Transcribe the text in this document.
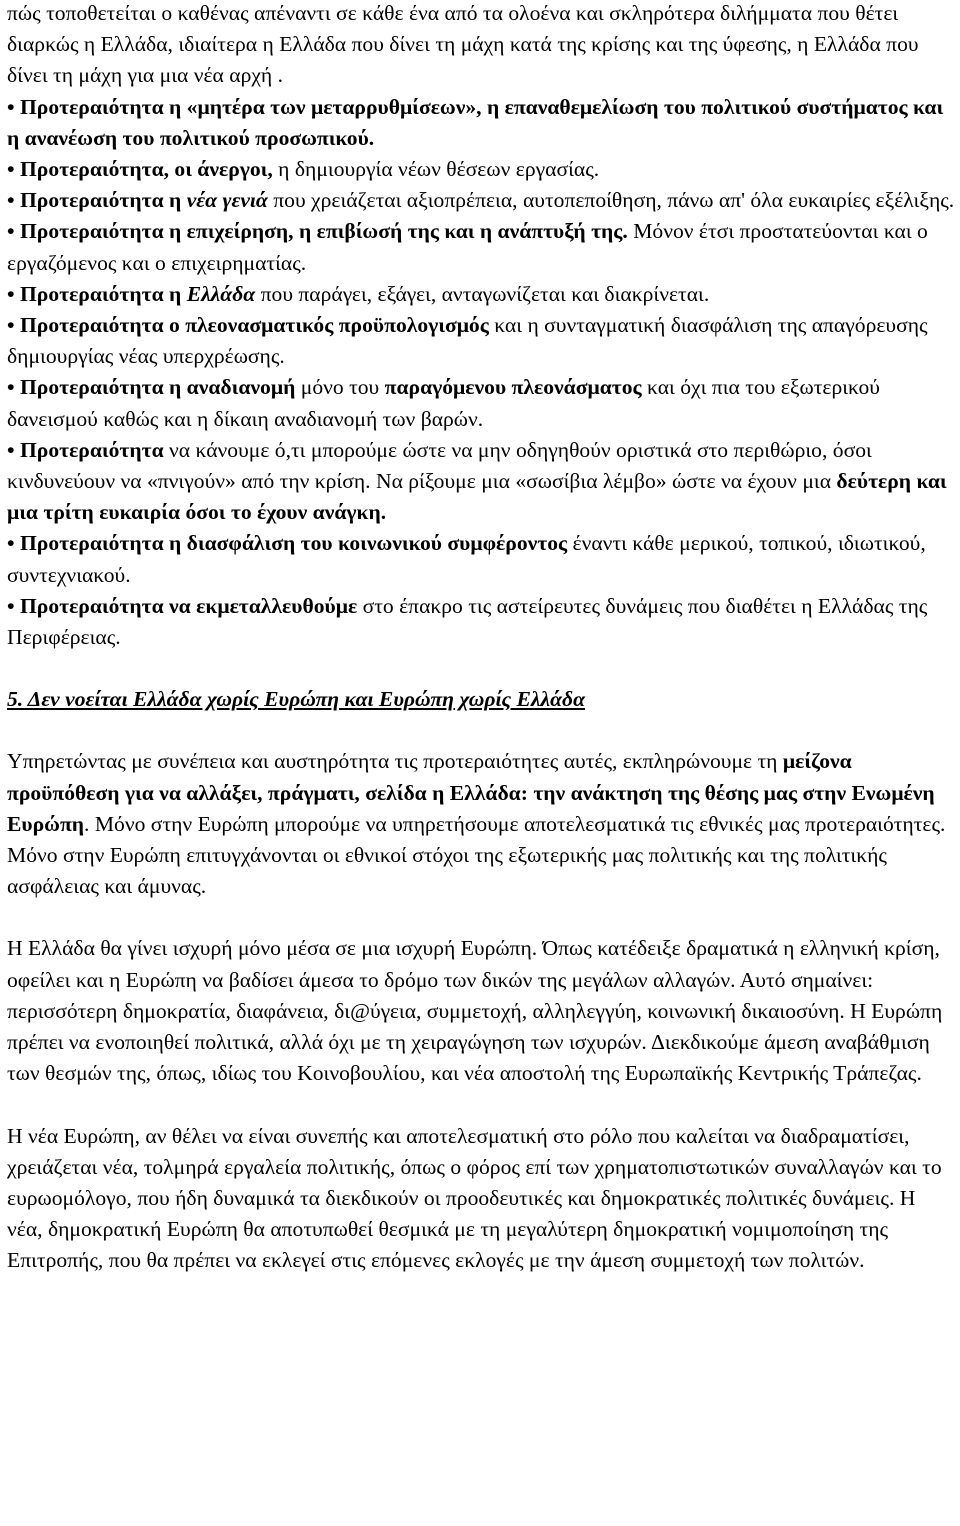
πώς τοποθετείται ο καθένας απέναντι σε κάθε ένα από τα ολοένα και σκληρότερα διλήμματα που θέτει διαρκώς η Ελλάδα, ιδιαίτερα η Ελλάδα που δίνει τη μάχη κατά της κρίσης και της ύφεσης, η Ελλάδα που δίνει τη μάχη για μια νέα αρχή .

• Προτεραιότητα η «μητέρα των μεταρρυθμίσεων», η επαναθεμελίωση του πολιτικού συστήματος και η ανανέωση του πολιτικού προσωπικού.

• Προτεραιότητα, οι άνεργοι, η δημιουργία νέων θέσεων εργασίας.

• Προτεραιότητα η νέα γενιά που χρειάζεται αξιοπρέπεια, αυτοπεποίθηση, πάνω απ' όλα ευκαιρίες εξέλιξης.

• Προτεραιότητα η επιχείρηση, η επιβίωσή της και η ανάπτυξή της. Μόνον έτσι προστατεύονται και ο εργαζόμενος και ο επιχειρηματίας.

• Προτεραιότητα η Ελλάδα που παράγει, εξάγει, ανταγωνίζεται και διακρίνεται.

• Προτεραιότητα ο πλεονασματικός προϋπολογισμός και η συνταγματική διασφάλιση της απαγόρευσης δημιουργίας νέας υπερχρέωσης.

• Προτεραιότητα η αναδιανομή μόνο του παραγόμενου πλεονάσματος και όχι πια του εξωτερικού δανεισμού καθώς και η δίκαιη αναδιανομή των βαρών.

• Προτεραιότητα να κάνουμε ό,τι μπορούμε ώστε να μην οδηγηθούν οριστικά στο περιθώριο, όσοι κινδυνεύουν να «πνιγούν» από την κρίση. Να ρίξουμε μια «σωσίβια λέμβο» ώστε να έχουν μια δεύτερη και μια τρίτη ευκαιρία όσοι το έχουν ανάγκη.

• Προτεραιότητα η διασφάλιση του κοινωνικού συμφέροντος έναντι κάθε μερικού, τοπικού, ιδιωτικού, συντεχνιακού.

• Προτεραιότητα να εκμεταλλευθούμε στο έπακρο τις αστείρευτες δυνάμεις που διαθέτει η Ελλάδας της Περιφέρειας.

5. Δεν νοείται Ελλάδα χωρίς Ευρώπη και Ευρώπη χωρίς Ελλάδα

Υπηρετώντας με συνέπεια και αυστηρότητα τις προτεραιότητες αυτές, εκπληρώνουμε τη μείζονα προϋπόθεση για να αλλάξει, πράγματι, σελίδα η Ελλάδα: την ανάκτηση της θέσης μας στην Ενωμένη Ευρώπη. Μόνο στην Ευρώπη μπορούμε να υπηρετήσουμε αποτελεσματικά τις εθνικές μας προτεραιότητες. Μόνο στην Ευρώπη επιτυγχάνονται οι εθνικοί στόχοι της εξωτερικής μας πολιτικής και της πολιτικής ασφάλειας και άμυνας.

Η Ελλάδα θα γίνει ισχυρή μόνο μέσα σε μια ισχυρή Ευρώπη. Όπως κατέδειξε δραματικά η ελληνική κρίση, οφείλει και η Ευρώπη να βαδίσει άμεσα το δρόμο των δικών της μεγάλων αλλαγών. Αυτό σημαίνει: περισσότερη δημοκρατία, διαφάνεια, δι@ύγεια, συμμετοχή, αλληλεγγύη, κοινωνική δικαιοσύνη. Η Ευρώπη πρέπει να ενοποιηθεί πολιτικά, αλλά όχι με τη χειραγώγηση των ισχυρών. Διεκδικούμε άμεση αναβάθμιση των θεσμών της, όπως, ιδίως του Κοινοβουλίου, και νέα αποστολή της Ευρωπαϊκής Κεντρικής Τράπεζας.

Η νέα Ευρώπη, αν θέλει να είναι συνεπής και αποτελεσματική στο ρόλο που καλείται να διαδραματίσει, χρειάζεται νέα, τολμηρά εργαλεία πολιτικής, όπως ο φόρος επί των χρηματοπιστωτικών συναλλαγών και το ευρωομόλογο, που ήδη δυναμικά τα διεκδικούν οι προοδευτικές και δημοκρατικές πολιτικές δυνάμεις. Η νέα, δημοκρατική Ευρώπη θα αποτυπωθεί θεσμικά με τη μεγαλύτερη δημοκρατική νομιμοποίηση της Επιτροπής, που θα πρέπει να εκλεγεί στις επόμενες εκλογές με την άμεση συμμετοχή των πολιτών.
